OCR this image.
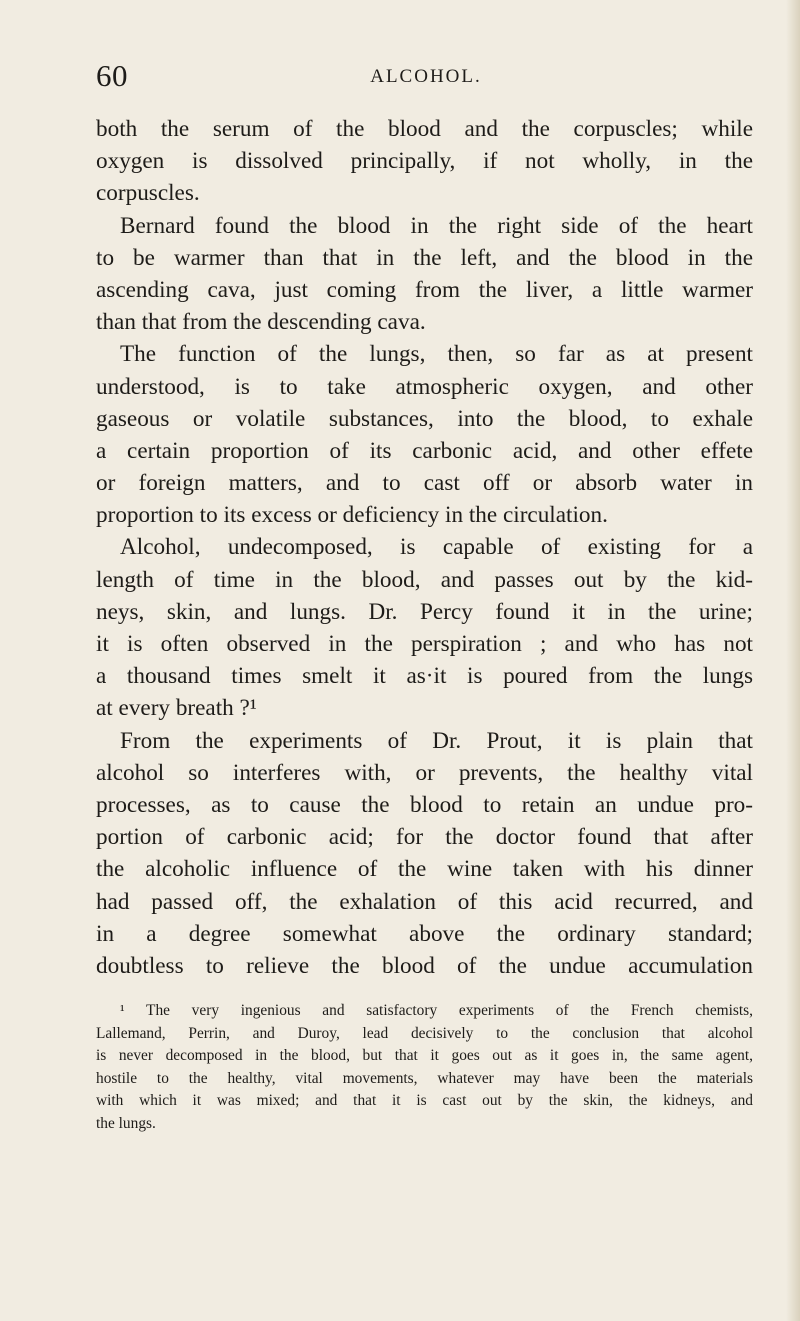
60	ALCOHOL.
both the serum of the blood and the corpuscles; while
oxygen is dissolved principally, if not wholly, in the
corpuscles.
Bernard found the blood in the right side of the heart
to be warmer than that in the left, and the blood in the
ascending cava, just coming from the liver, a little warmer
than that from the descending cava.
The function of the lungs, then, so far as at present
understood, is to take atmospheric oxygen, and other
gaseous or volatile substances, into the blood, to exhale
a certain proportion of its carbonic acid, and other effete
or foreign matters, and to cast off or absorb water in
proportion to its excess or deficiency in the circulation.
Alcohol, undecomposed, is capable of existing for a
length of time in the blood, and passes out by the kid-
neys, skin, and lungs. Dr. Percy found it in the urine;
it is often observed in the perspiration ; and who has not
a thousand times smelt it as·it is poured from the lungs
at every breath ?¹
From the experiments of Dr. Prout, it is plain that
alcohol so interferes with, or prevents, the healthy vital
processes, as to cause the blood to retain an undue pro-
portion of carbonic acid; for the doctor found that after
the alcoholic influence of the wine taken with his dinner
had passed off, the exhalation of this acid recurred, and
in a degree somewhat above the ordinary standard;
doubtless to relieve the blood of the undue accumulation
¹ The very ingenious and satisfactory experiments of the French chemists,
Lallemand, Perrin, and Duroy, lead decisively to the conclusion that alcohol
is never decomposed in the blood, but that it goes out as it goes in, the same agent,
hostile to the healthy, vital movements, whatever may have been the materials
with which it was mixed; and that it is cast out by the skin, the kidneys, and
the lungs.
